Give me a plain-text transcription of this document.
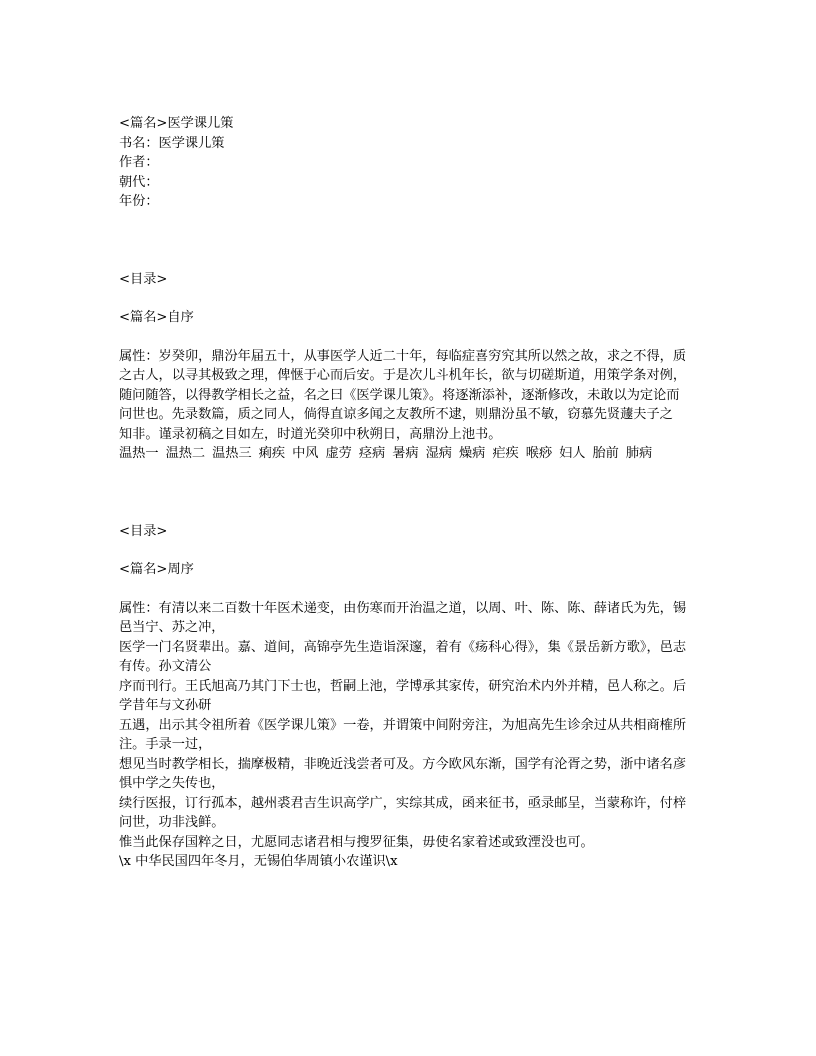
<篇名>医学课儿策
书名：医学课儿策
作者：
朝代：
年份：
<目录>
<篇名>自序
属性：岁癸卯，鼎汾年届五十，从事医学人近二十年，每临症喜穷究其所以然之故，求之不得，质
之古人，以寻其极致之理，俾惬于心而后安。于是次儿斗机年长，欲与切磋斯道，用策学条对例，
随问随答，以得教学相长之益，名之曰《医学课儿策》。将逐渐添补，逐渐修改，未敢以为定论而
问世也。先录数篇，质之同人，倘得直谅多闻之友教所不逮，则鼎汾虽不敏，窃慕先贤蘧夫子之
知非。谨录初稿之目如左，时道光癸卯中秋朔日，高鼎汾上池书。
温热一 温热二 温热三 痢疾 中风 虚劳 痉病 暑病 湿病 燥病 疟疾 喉痧 妇人 胎前 肺病
<目录>
<篇名>周序
属性：有清以来二百数十年医术递变，由伤寒而开治温之道，以周、叶、陈、陈、薛诸氏为先，锡邑当宁、苏之冲，
医学一门名贤辈出。嘉、道间，高锦亭先生造诣深邃，着有《疡科心得》，集《景岳新方歌》，邑志有传。孙文清公
序而刊行。王氏旭高乃其门下士也，哲嗣上池，学博承其家传，研究治术内外并精，邑人称之。后学昔年与文孙研
五遇，出示其令祖所着《医学课儿策》一卷，并谓策中间附旁注，为旭高先生诊余过从共相商榷所注。手录一过，
想见当时教学相长，揣摩极精，非晚近浅尝者可及。方今欧风东渐，国学有沦胥之势，浙中诸名彦惧中学之失传也，
续行医报，订行孤本，越州裘君吉生识高学广，实综其成，函来征书，亟录邮呈，当蒙称许，付梓问世，功非浅鲜。
惟当此保存国粹之日，尤愿同志诸君相与搜罗征集，毋使名家着述或致湮没也可。
\x 中华民国四年冬月，无锡伯华周镇小农谨识\x
